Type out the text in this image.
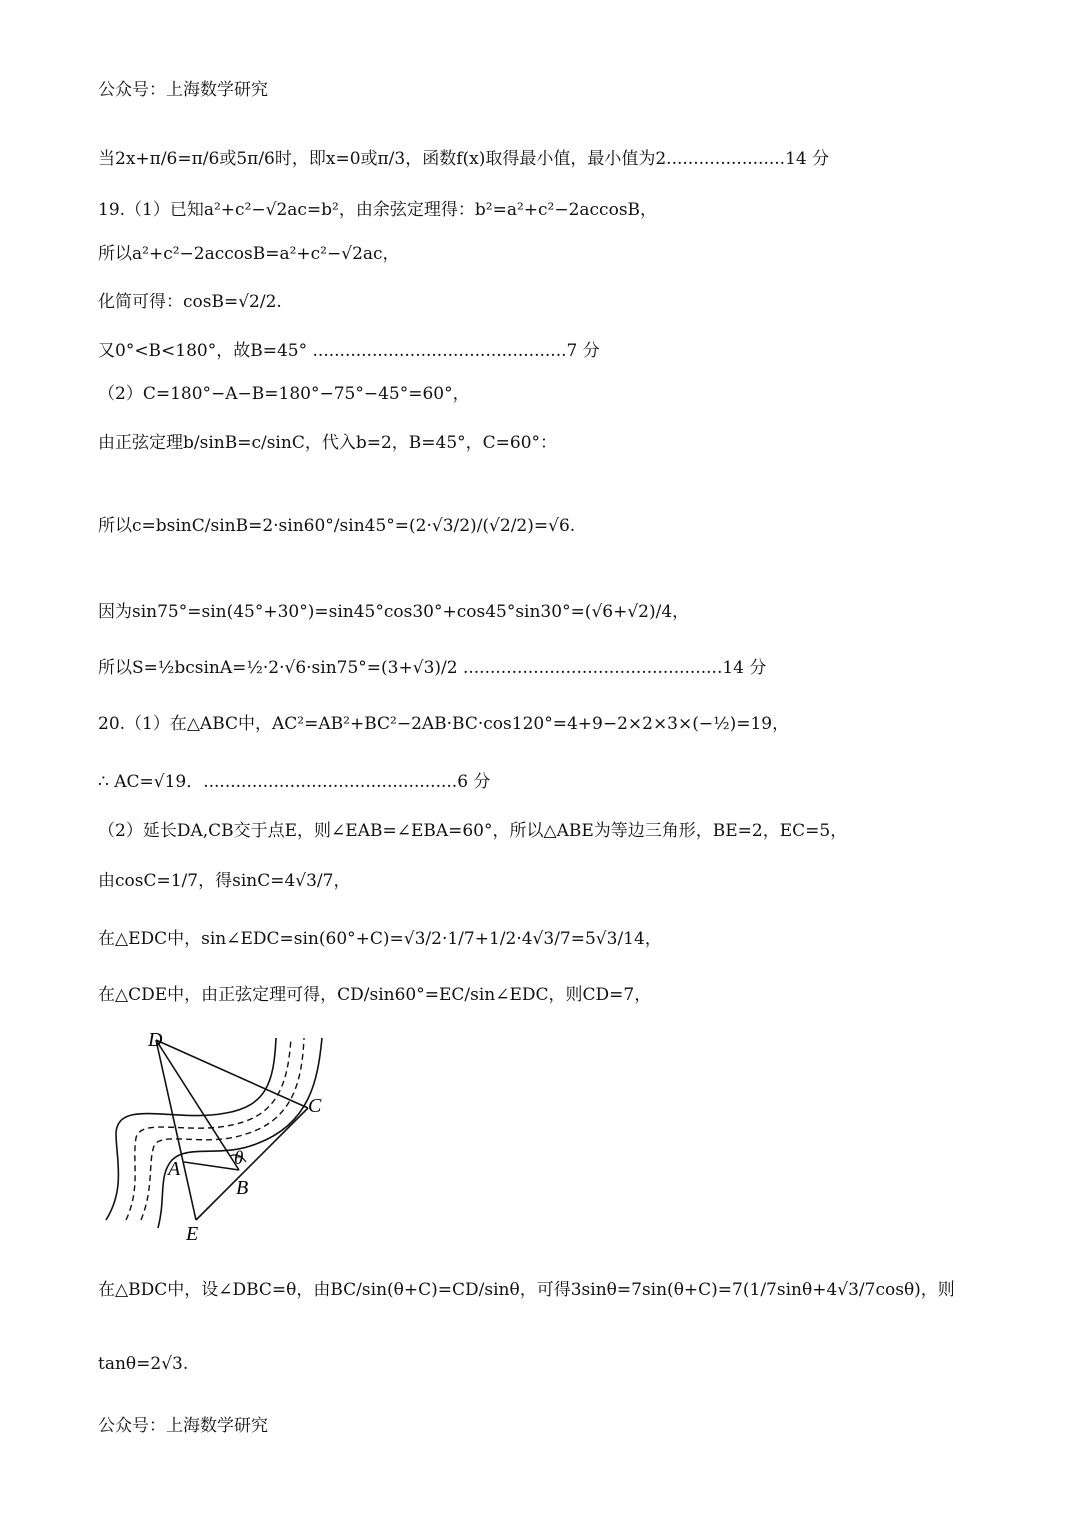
公众号：上海数学研究
当2x+π/6=π/6或5π/6时，即x=0或π/3，函数f(x)取得最小值，最小值为2......................14 分
19.（1）已知a²+c²−√2ac=b²，由余弦定理得：b²=a²+c²−2accosB，
所以a²+c²−2accosB=a²+c²−√2ac，
化简可得：cosB=√2/2.
又0°<B<180°，故B=45° ...............................................7 分
（2）C=180°−A−B=180°−75°−45°=60°，
由正弦定理b/sinB=c/sinC，代入b=2，B=45°，C=60°：
所以c=bsinC/sinB=2·sin60°/sin45°=(2·√3/2)/(√2/2)=√6.
因为sin75°=sin(45°+30°)=sin45°cos30°+cos45°sin30°=(√6+√2)/4，
所以S=½bcsinA=½·2·√6·sin75°=(3+√3)/2 ................................................14 分
20.（1）在△ABC中，AC²=AB²+BC²−2AB·BC·cos120°=4+9−2×2×3×(−½)=19，
∴ AC=√19．...............................................6 分
（2）延长DA,CB交于点E，则∠EAB=∠EBA=60°，所以△ABE为等边三角形，BE=2，EC=5，
由cosC=1/7，得sinC=4√3/7，
在△EDC中，sin∠EDC=sin(60°+C)=√3/2·1/7+1/2·4√3/7=5√3/14，
在△CDE中，由正弦定理可得，CD/sin60°=EC/sin∠EDC，则CD=7，
D
C
A
B
E
θ
在△BDC中，设∠DBC=θ，由BC/sin(θ+C)=CD/sinθ，可得3sinθ=7sin(θ+C)=7(1/7sinθ+4√3/7cosθ)，则
tanθ=2√3.
公众号：上海数学研究
